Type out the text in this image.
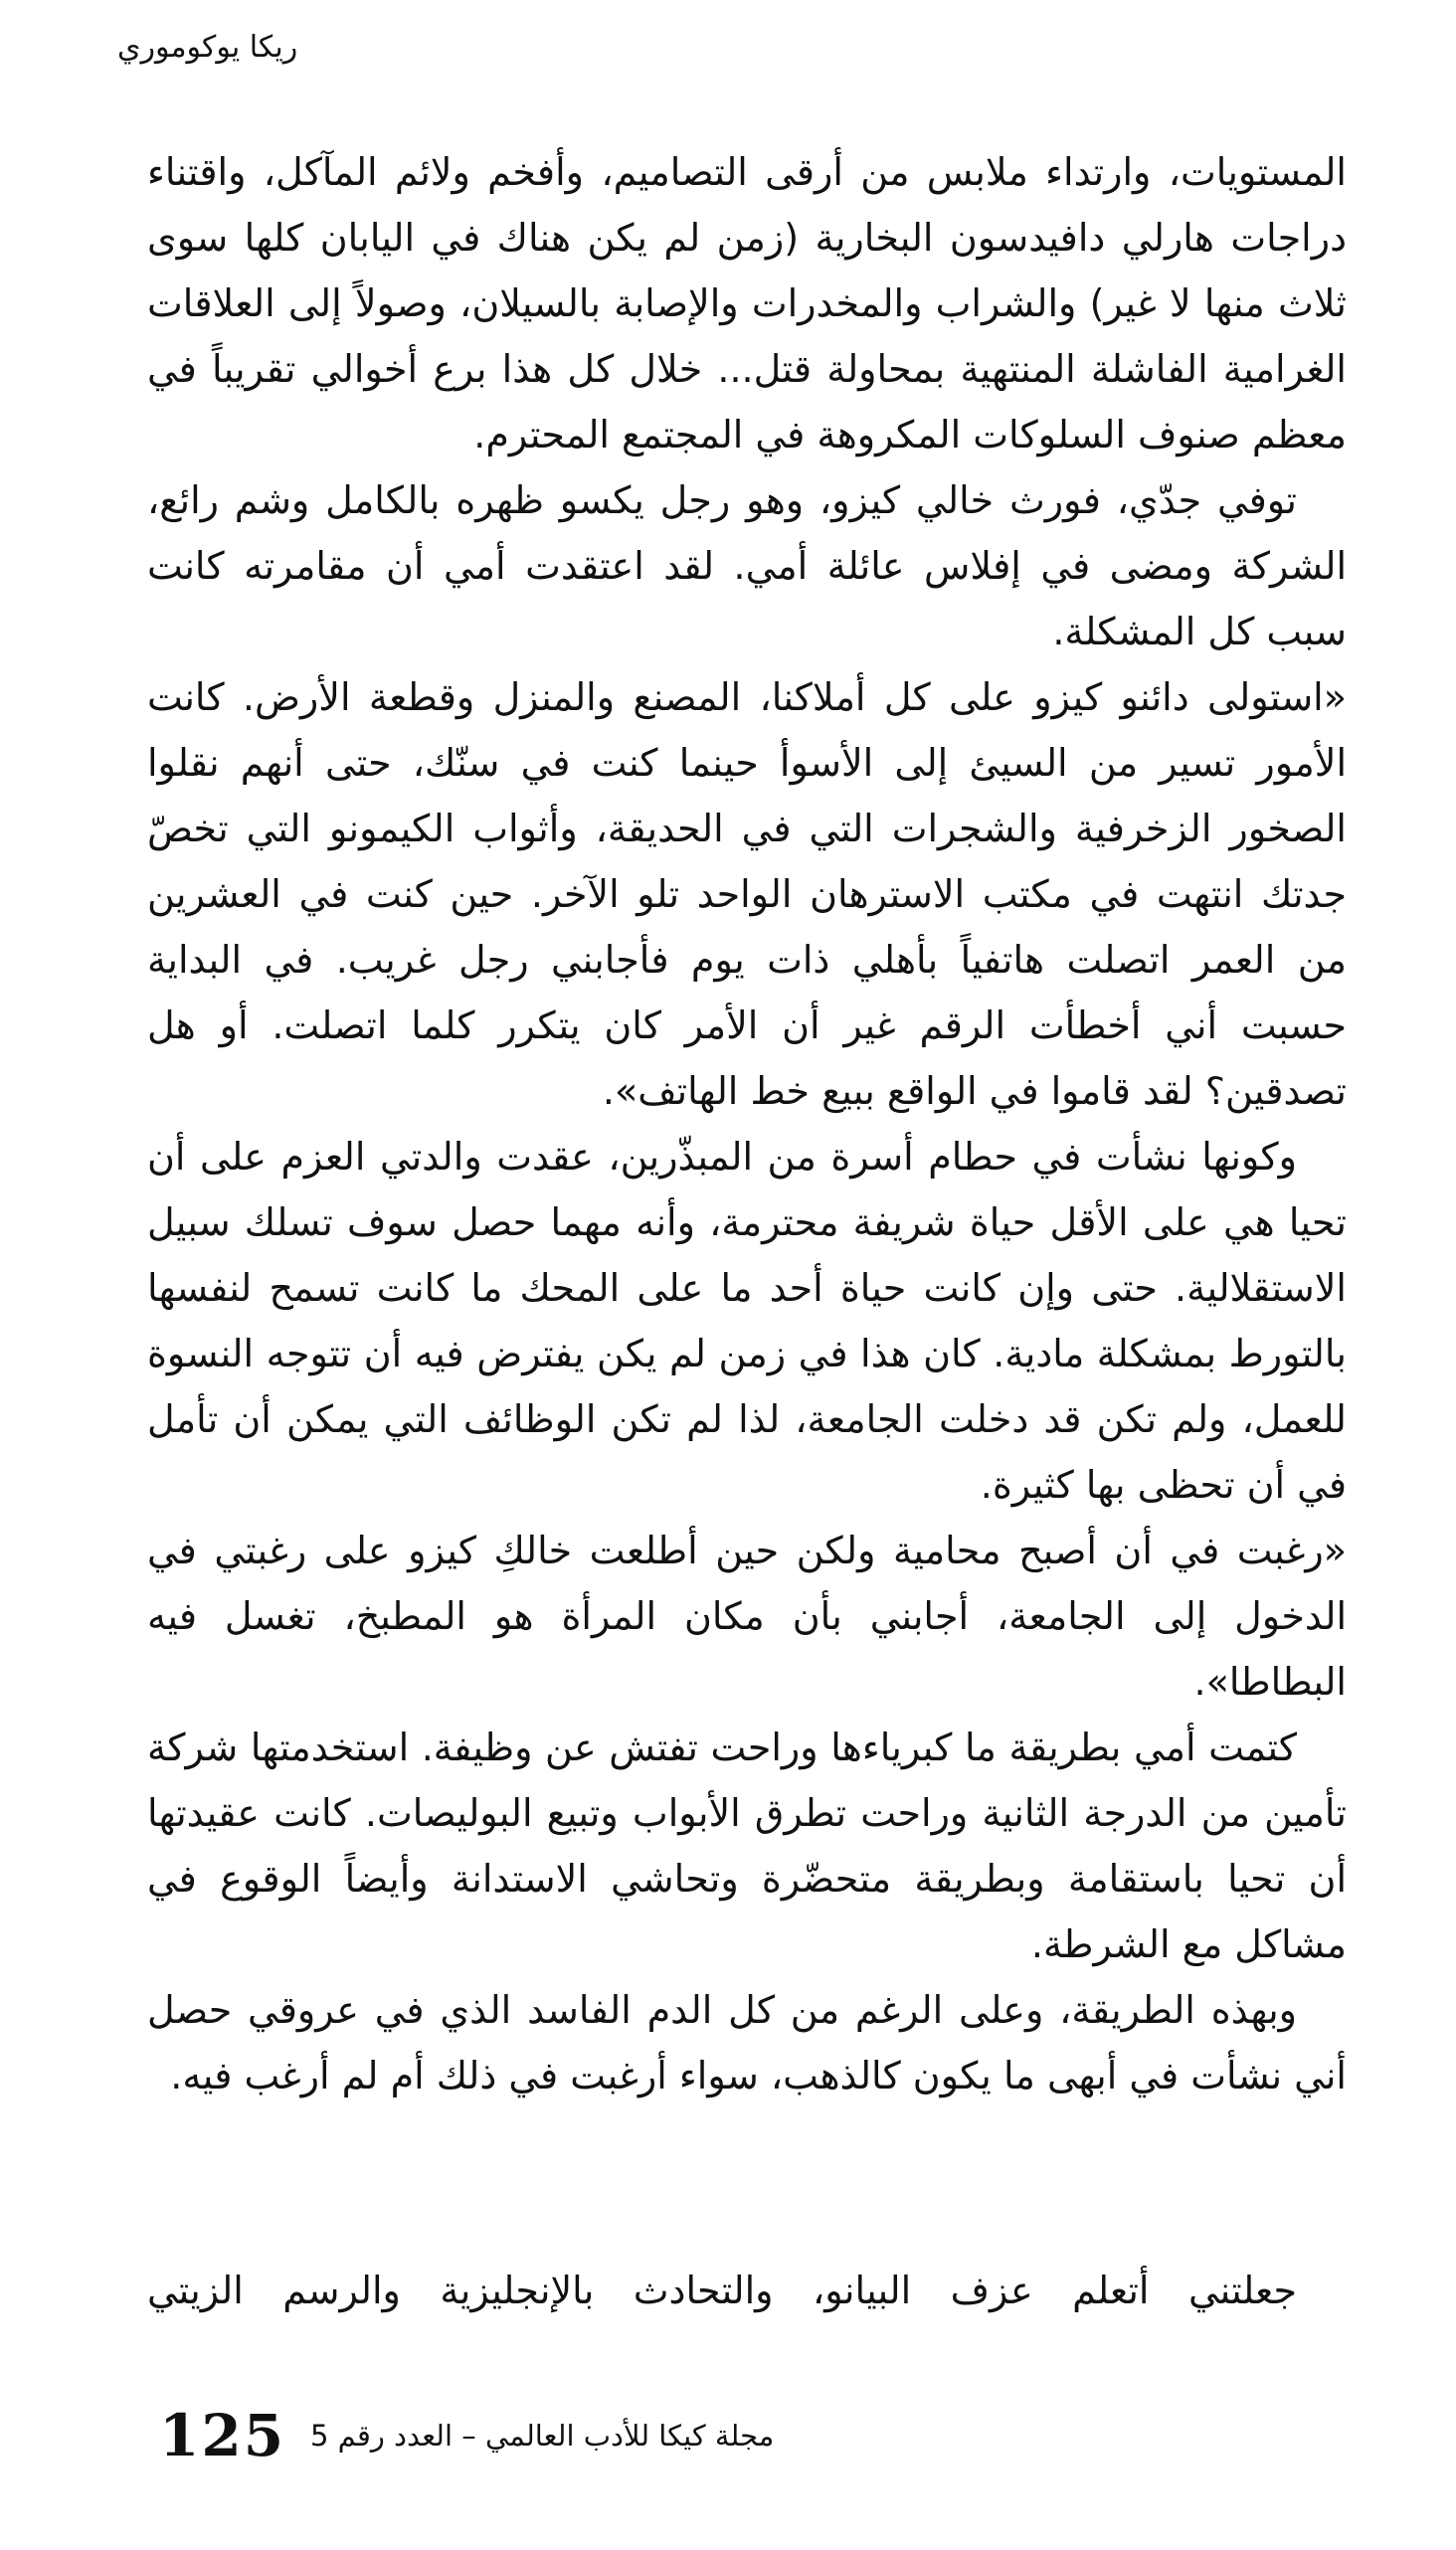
ريكا يوكوموري

المستويات، وارتداء ملابس من أرقى التصاميم، وأفخم ولائم المآكل، واقتناء دراجات هارلي دافيدسون البخارية (زمن لم يكن هناك في اليابان كلها سوى ثلاث منها لا غير) والشراب والمخدرات والإصابة بالسيلان، وصولاً إلى العلاقات الغرامية الفاشلة المنتهية بمحاولة قتل... خلال كل هذا برع أخوالي تقريباً في معظم صنوف السلوكات المكروهة في المجتمع المحترم.

توفي جدّي، فورث خالي كيزو، وهو رجل يكسو ظهره بالكامل وشم رائع، الشركة ومضى في إفلاس عائلة أمي. لقد اعتقدت أمي أن مقامرته كانت سبب كل المشكلة.

«استولى دائنو كيزو على كل أملاكنا، المصنع والمنزل وقطعة الأرض. كانت الأمور تسير من السيئ إلى الأسوأ حينما كنت في سنّك، حتى أنهم نقلوا الصخور الزخرفية والشجرات التي في الحديقة، وأثواب الكيمونو التي تخصّ جدتك انتهت في مكتب الاسترهان الواحد تلو الآخر. حين كنت في العشرين من العمر اتصلت هاتفياً بأهلي ذات يوم فأجابني رجل غريب. في البداية حسبت أني أخطأت الرقم غير أن الأمر كان يتكرر كلما اتصلت. أو هل تصدقين؟ لقد قاموا في الواقع ببيع خط الهاتف».

وكونها نشأت في حطام أسرة من المبذّرين، عقدت والدتي العزم على أن تحيا هي على الأقل حياة شريفة محترمة، وأنه مهما حصل سوف تسلك سبيل الاستقلالية. حتى وإن كانت حياة أحد ما على المحك ما كانت تسمح لنفسها بالتورط بمشكلة مادية. كان هذا في زمن لم يكن يفترض فيه أن تتوجه النسوة للعمل، ولم تكن قد دخلت الجامعة، لذا لم تكن الوظائف التي يمكن أن تأمل في أن تحظى بها كثيرة.

«رغبت في أن أصبح محامية ولكن حين أطلعت خالكِ كيزو على رغبتي في الدخول إلى الجامعة، أجابني بأن مكان المرأة هو المطبخ، تغسل فيه البطاطا».

كتمت أمي بطريقة ما كبرياءها وراحت تفتش عن وظيفة. استخدمتها شركة تأمين من الدرجة الثانية وراحت تطرق الأبواب وتبيع البوليصات. كانت عقيدتها أن تحيا باستقامة وبطريقة متحضّرة وتحاشي الاستدانة وأيضاً الوقوع في مشاكل مع الشرطة.

وبهذه الطريقة، وعلى الرغم من كل الدم الفاسد الذي في عروقي حصل أني نشأت في أبهى ما يكون كالذهب، سواء أرغبت في ذلك أم لم أرغب فيه.

جعلتني أتعلم عزف البيانو، والتحادث بالإنجليزية والرسم الزيتي
125 مجلة كيكا للأدب العالمي – العدد رقم 5
